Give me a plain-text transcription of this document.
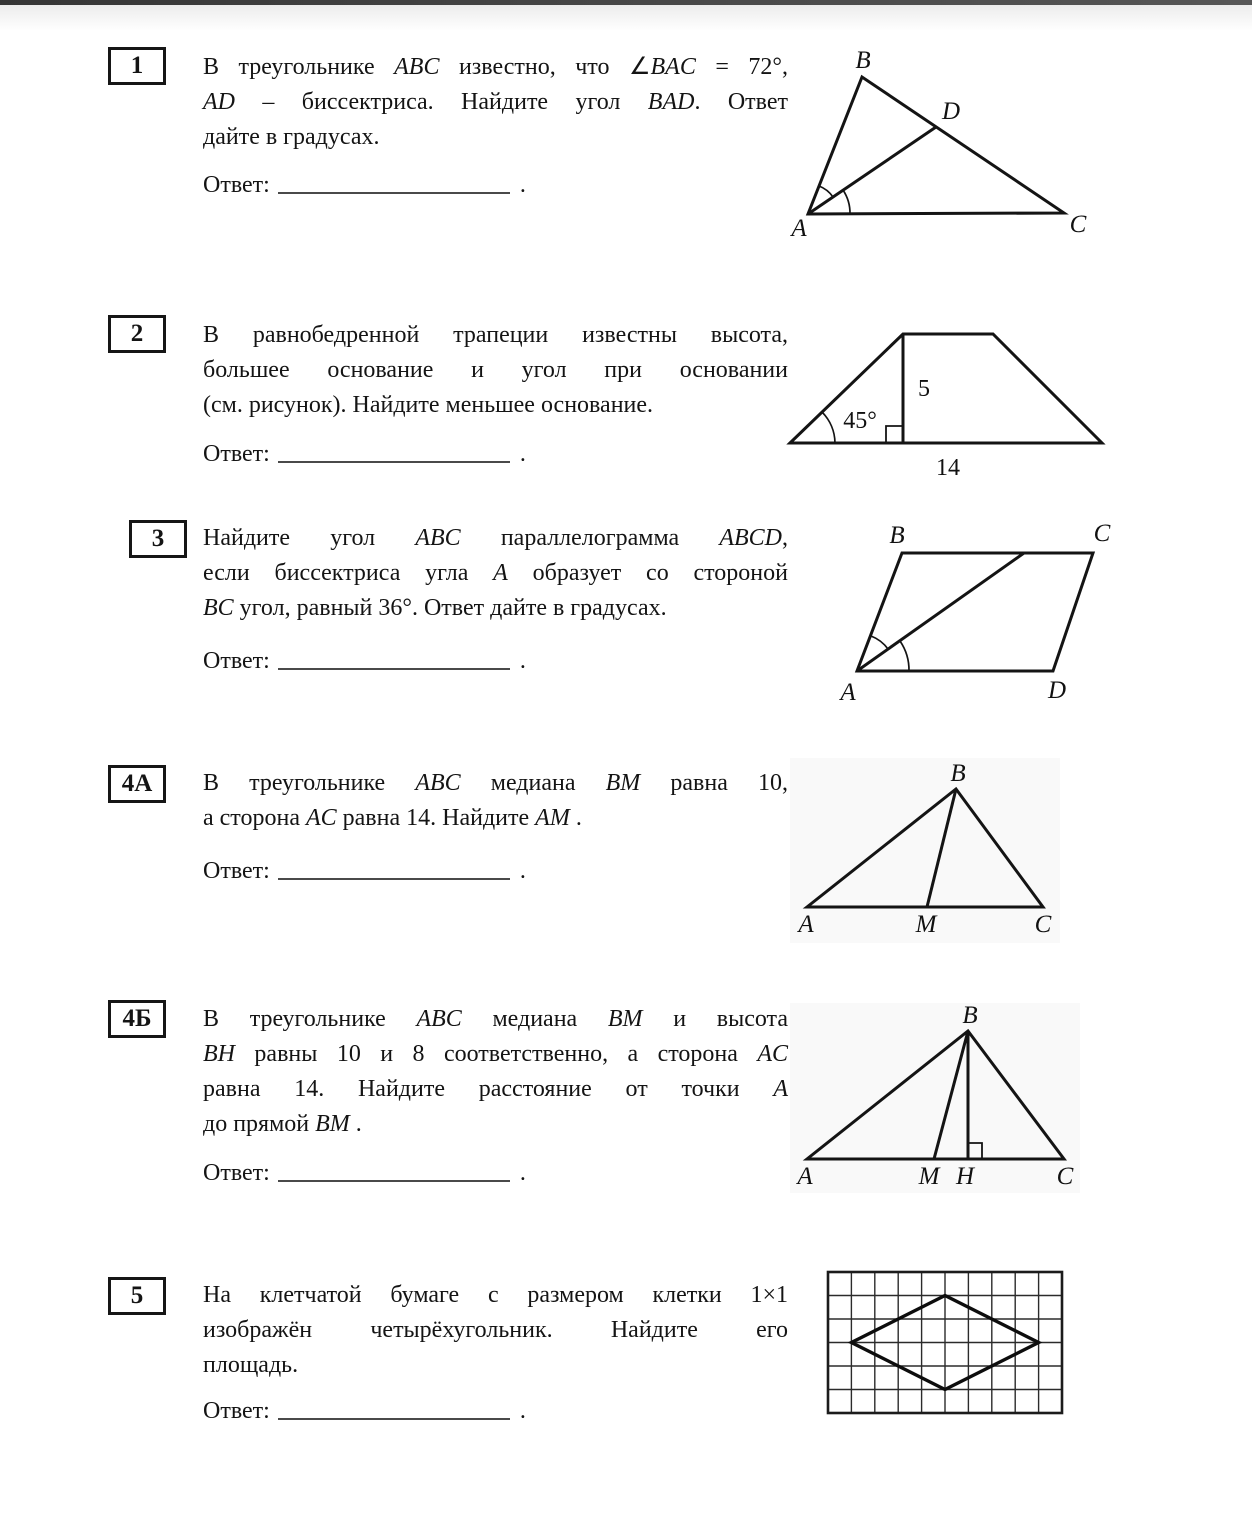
1 В треугольнике ABC известно, что ∠BAC = 72°,
AD – биссектриса. Найдите угол BAD. Ответ
дайте в градусах.
Ответ:	.
B
D
A	C
2 В равнобедренной трапеции известны высота,
большее основание и угол при основании
(см. рисунок). Найдите меньшее основание.
Ответ:	.
45°
5
14
3 Найдите угол ABC параллелограмма ABCD,
если биссектриса угла A образует со стороной
BC угол, равный 36°. Ответ дайте в градусах.
Ответ:	.
B	C
A	D
4А В треугольнике ABC медиана BM равна 10,
а сторона AC равна 14. Найдите AM .
Ответ:	.
B
A	M	C
4Б В треугольнике ABC медиана BM и высота
BH равны 10 и 8 соответственно, а сторона AC
равна 14. Найдите расстояние от точки A
до прямой BM .
Ответ:	.
B
A	M H	C
5 На клетчатой бумаге с размером клетки 1×1
изображён четырёхугольник. Найдите его
площадь.
Ответ:	.
